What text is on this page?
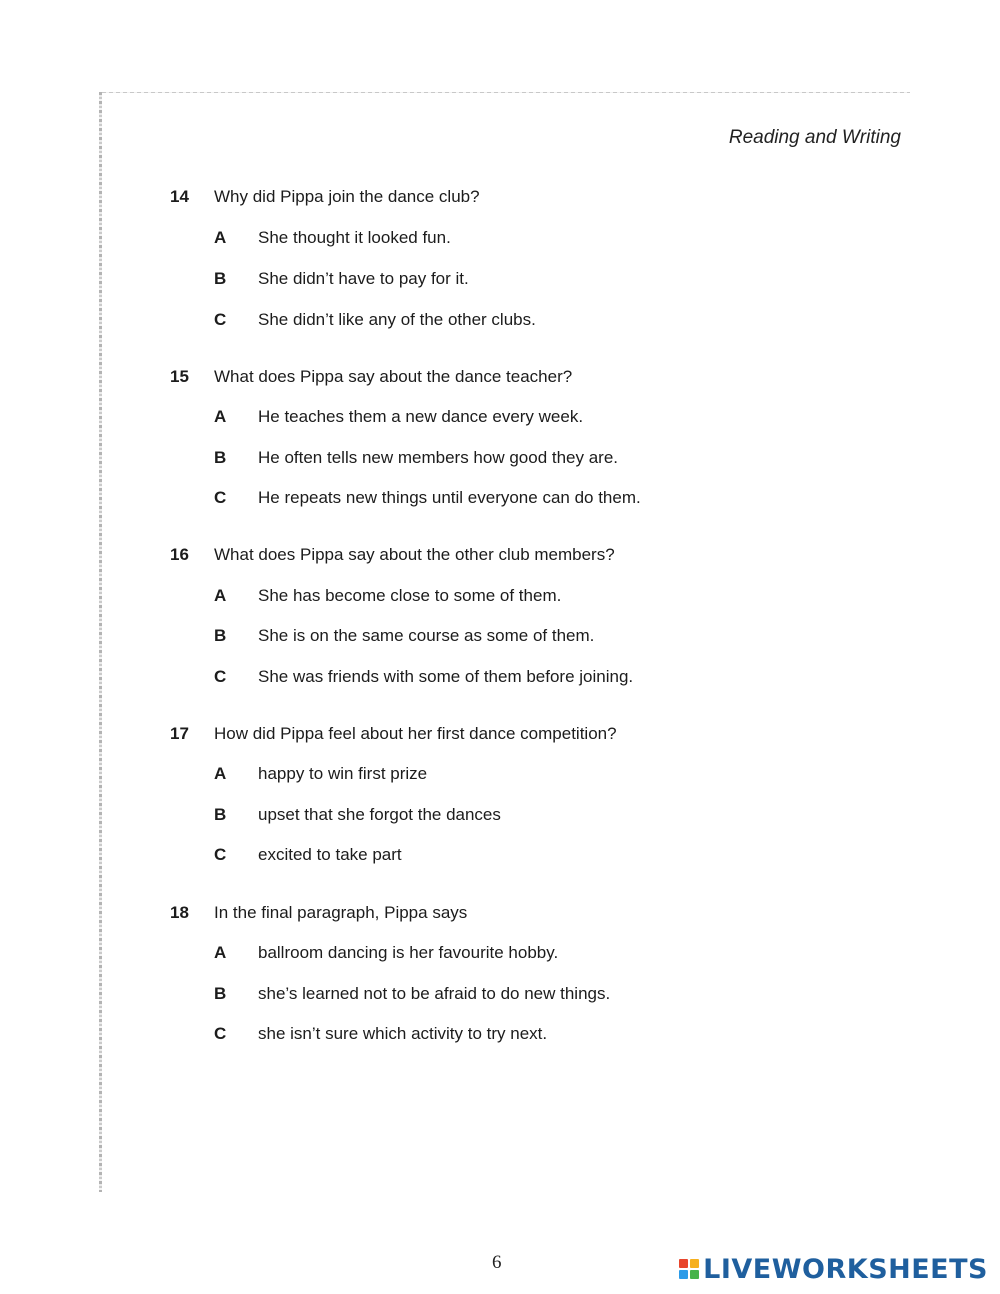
Reading and Writing
14 Why did Pippa join the dance club?
A She thought it looked fun.
B She didn’t have to pay for it.
C She didn’t like any of the other clubs.
15 What does Pippa say about the dance teacher?
A He teaches them a new dance every week.
B He often tells new members how good they are.
C He repeats new things until everyone can do them.
16 What does Pippa say about the other club members?
A She has become close to some of them.
B She is on the same course as some of them.
C She was friends with some of them before joining.
17 How did Pippa feel about her first dance competition?
A happy to win first prize
B upset that she forgot the dances
C excited to take part
18 In the final paragraph, Pippa says
A ballroom dancing is her favourite hobby.
B she’s learned not to be afraid to do new things.
C she isn’t sure which activity to try next.
6	LIVEWORKSHEETS
